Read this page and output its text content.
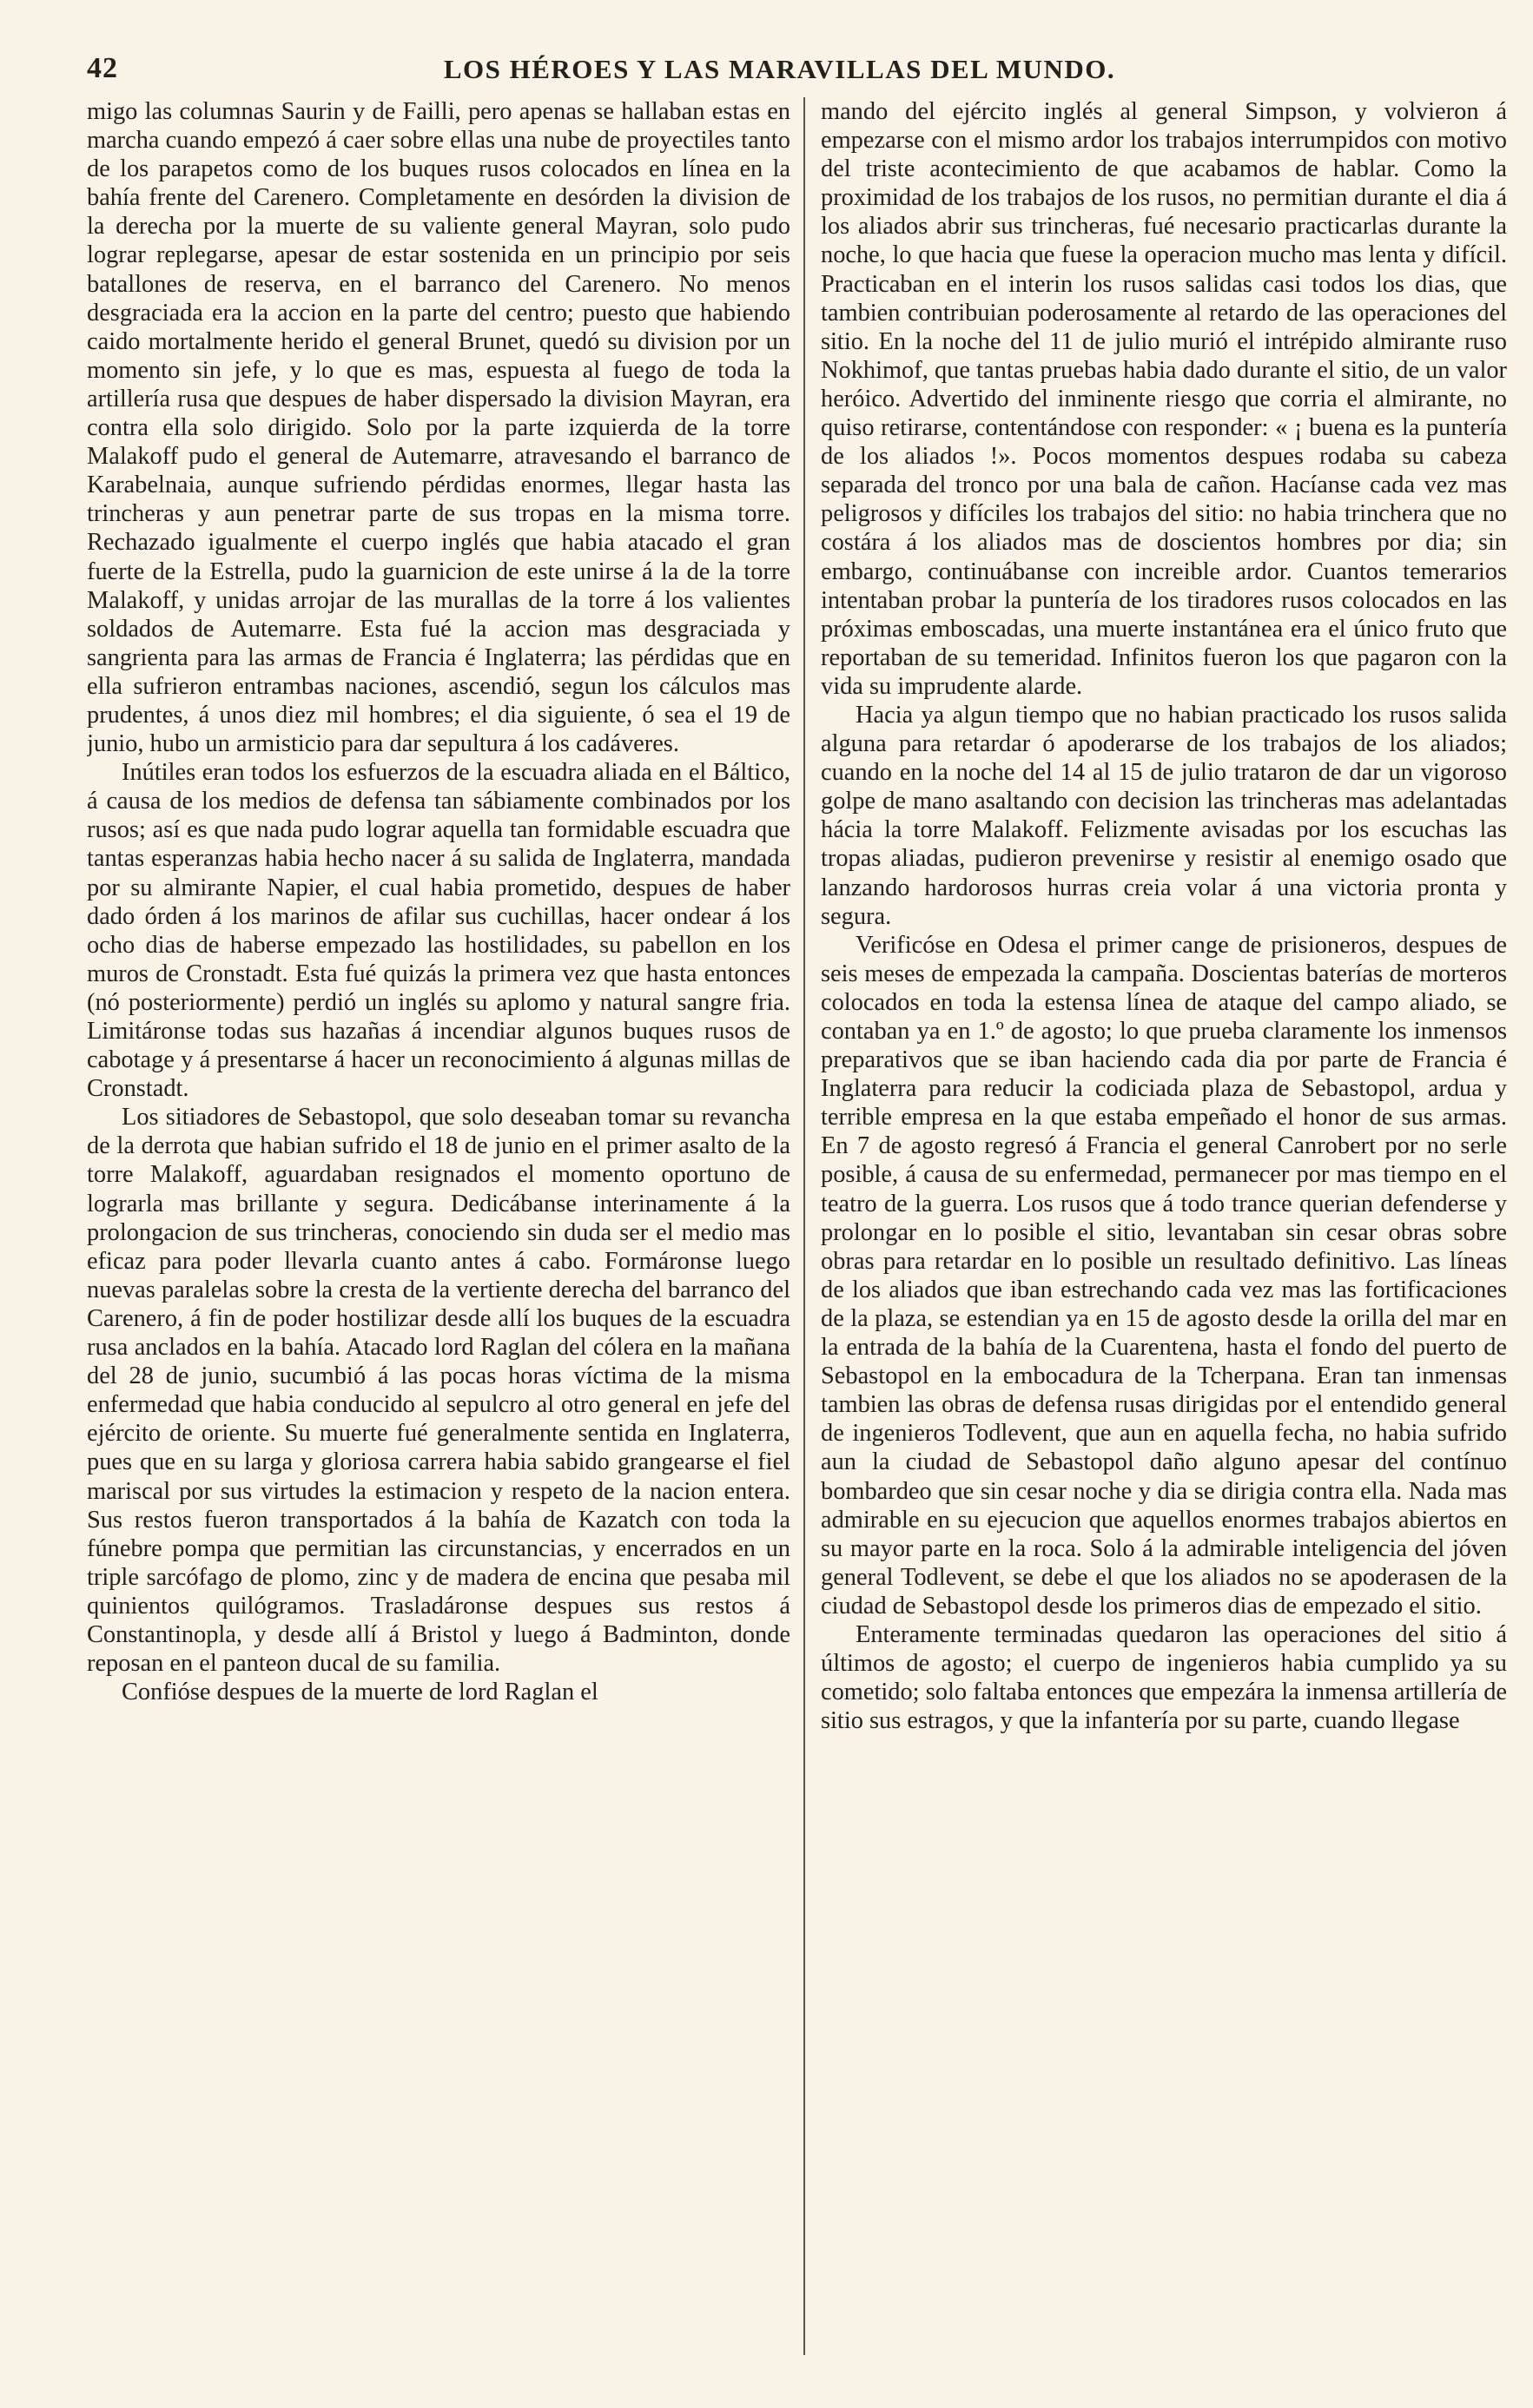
42	LOS HÉROES Y LAS MARAVILLAS DEL MUNDO.

migo las columnas Saurin y de Failli, pero apenas se hallaban estas en marcha cuando empezó á caer sobre ellas una nube de proyectiles tanto de los parapetos como de los buques rusos colocados en línea en la bahía frente del Carenero. Completamente en desórden la division de la derecha por la muerte de su valiente general Mayran, solo pudo lograr replegarse, apesar de estar sostenida en un principio por seis batallones de reserva, en el barranco del Carenero. No menos desgraciada era la accion en la parte del centro; puesto que habiendo caido mortalmente herido el general Brunet, quedó su division por un momento sin jefe, y lo que es mas, espuesta al fuego de toda la artillería rusa que despues de haber dispersado la division Mayran, era contra ella solo dirigido. Solo por la parte izquierda de la torre Malakoff pudo el general de Autemarre, atravesando el barranco de Karabelnaia, aunque sufriendo pérdidas enormes, llegar hasta las trincheras y aun penetrar parte de sus tropas en la misma torre. Rechazado igualmente el cuerpo inglés que habia atacado el gran fuerte de la Estrella, pudo la guarnicion de este unirse á la de la torre Malakoff, y unidas arrojar de las murallas de la torre á los valientes soldados de Autemarre. Esta fué la accion mas desgraciada y sangrienta para las armas de Francia é Inglaterra; las pérdidas que en ella sufrieron entrambas naciones, ascendió, segun los cálculos mas prudentes, á unos diez mil hombres; el dia siguiente, ó sea el 19 de junio, hubo un armisticio para dar sepultura á los cadáveres.

Inútiles eran todos los esfuerzos de la escuadra aliada en el Báltico, á causa de los medios de defensa tan sábiamente combinados por los rusos; así es que nada pudo lograr aquella tan formidable escuadra que tantas esperanzas habia hecho nacer á su salida de Inglaterra, mandada por su almirante Napier, el cual habia prometido, despues de haber dado órden á los marinos de afilar sus cuchillas, hacer ondear á los ocho dias de haberse empezado las hostilidades, su pabellon en los muros de Cronstadt. Esta fué quizás la primera vez que hasta entonces (nó posteriormente) perdió un inglés su aplomo y natural sangre fria. Limitáronse todas sus hazañas á incendiar algunos buques rusos de cabotage y á presentarse á hacer un reconocimiento á algunas millas de Cronstadt.

Los sitiadores de Sebastopol, que solo deseaban tomar su revancha de la derrota que habian sufrido el 18 de junio en el primer asalto de la torre Malakoff, aguardaban resignados el momento oportuno de lograrla mas brillante y segura. Dedicábanse interinamente á la prolongacion de sus trincheras, conociendo sin duda ser el medio mas eficaz para poder llevarla cuanto antes á cabo. Formáronse luego nuevas paralelas sobre la cresta de la vertiente derecha del barranco del Carenero, á fin de poder hostilizar desde allí los buques de la escuadra rusa anclados en la bahía. Atacado lord Raglan del cólera en la mañana del 28 de junio, sucumbió á las pocas horas víctima de la misma enfermedad que habia conducido al sepulcro al otro general en jefe del ejército de oriente. Su muerte fué generalmente sentida en Inglaterra, pues que en su larga y gloriosa carrera habia sabido grangearse el fiel mariscal por sus virtudes la estimacion y respeto de la nacion entera. Sus restos fueron transportados á la bahía de Kazatch con toda la fúnebre pompa que permitian las circunstancias, y encerrados en un triple sarcófago de plomo, zinc y de madera de encina que pesaba mil quinientos quilógramos. Trasladáronse despues sus restos á Constantinopla, y desde allí á Bristol y luego á Badminton, donde reposan en el panteon ducal de su familia.

Confióse despues de la muerte de lord Raglan el

mando del ejército inglés al general Simpson, y volvieron á empezarse con el mismo ardor los trabajos interrumpidos con motivo del triste acontecimiento de que acabamos de hablar. Como la proximidad de los trabajos de los rusos, no permitian durante el dia á los aliados abrir sus trincheras, fué necesario practicarlas durante la noche, lo que hacia que fuese la operacion mucho mas lenta y difícil. Practicaban en el interin los rusos salidas casi todos los dias, que tambien contribuian poderosamente al retardo de las operaciones del sitio. En la noche del 11 de julio murió el intrépido almirante ruso Nokhimof, que tantas pruebas habia dado durante el sitio, de un valor heróico. Advertido del inminente riesgo que corria el almirante, no quiso retirarse, contentándose con responder: « ¡ buena es la puntería de los aliados !». Pocos momentos despues rodaba su cabeza separada del tronco por una bala de cañon. Hacíanse cada vez mas peligrosos y difíciles los trabajos del sitio: no habia trinchera que no costára á los aliados mas de doscientos hombres por dia; sin embargo, continuábanse con increible ardor. Cuantos temerarios intentaban probar la puntería de los tiradores rusos colocados en las próximas emboscadas, una muerte instantánea era el único fruto que reportaban de su temeridad. Infinitos fueron los que pagaron con la vida su imprudente alarde.

Hacia ya algun tiempo que no habian practicado los rusos salida alguna para retardar ó apoderarse de los trabajos de los aliados; cuando en la noche del 14 al 15 de julio trataron de dar un vigoroso golpe de mano asaltando con decision las trincheras mas adelantadas hácia la torre Malakoff. Felizmente avisadas por los escuchas las tropas aliadas, pudieron prevenirse y resistir al enemigo osado que lanzando hardorosos hurras creia volar á una victoria pronta y segura.

Verificóse en Odesa el primer cange de prisioneros, despues de seis meses de empezada la campaña. Doscientas baterías de morteros colocados en toda la estensa línea de ataque del campo aliado, se contaban ya en 1.º de agosto; lo que prueba claramente los inmensos preparativos que se iban haciendo cada dia por parte de Francia é Inglaterra para reducir la codiciada plaza de Sebastopol, ardua y terrible empresa en la que estaba empeñado el honor de sus armas. En 7 de agosto regresó á Francia el general Canrobert por no serle posible, á causa de su enfermedad, permanecer por mas tiempo en el teatro de la guerra. Los rusos que á todo trance querian defenderse y prolongar en lo posible el sitio, levantaban sin cesar obras sobre obras para retardar en lo posible un resultado definitivo. Las líneas de los aliados que iban estrechando cada vez mas las fortificaciones de la plaza, se estendian ya en 15 de agosto desde la orilla del mar en la entrada de la bahía de la Cuarentena, hasta el fondo del puerto de Sebastopol en la embocadura de la Tcherpana. Eran tan inmensas tambien las obras de defensa rusas dirigidas por el entendido general de ingenieros Todlevent, que aun en aquella fecha, no habia sufrido aun la ciudad de Sebastopol daño alguno apesar del contínuo bombardeo que sin cesar noche y dia se dirigia contra ella. Nada mas admirable en su ejecucion que aquellos enormes trabajos abiertos en su mayor parte en la roca. Solo á la admirable inteligencia del jóven general Todlevent, se debe el que los aliados no se apoderasen de la ciudad de Sebastopol desde los primeros dias de empezado el sitio.

Enteramente terminadas quedaron las operaciones del sitio á últimos de agosto; el cuerpo de ingenieros habia cumplido ya su cometido; solo faltaba entonces que empezára la inmensa artillería de sitio sus estragos, y que la infantería por su parte, cuando llegase
